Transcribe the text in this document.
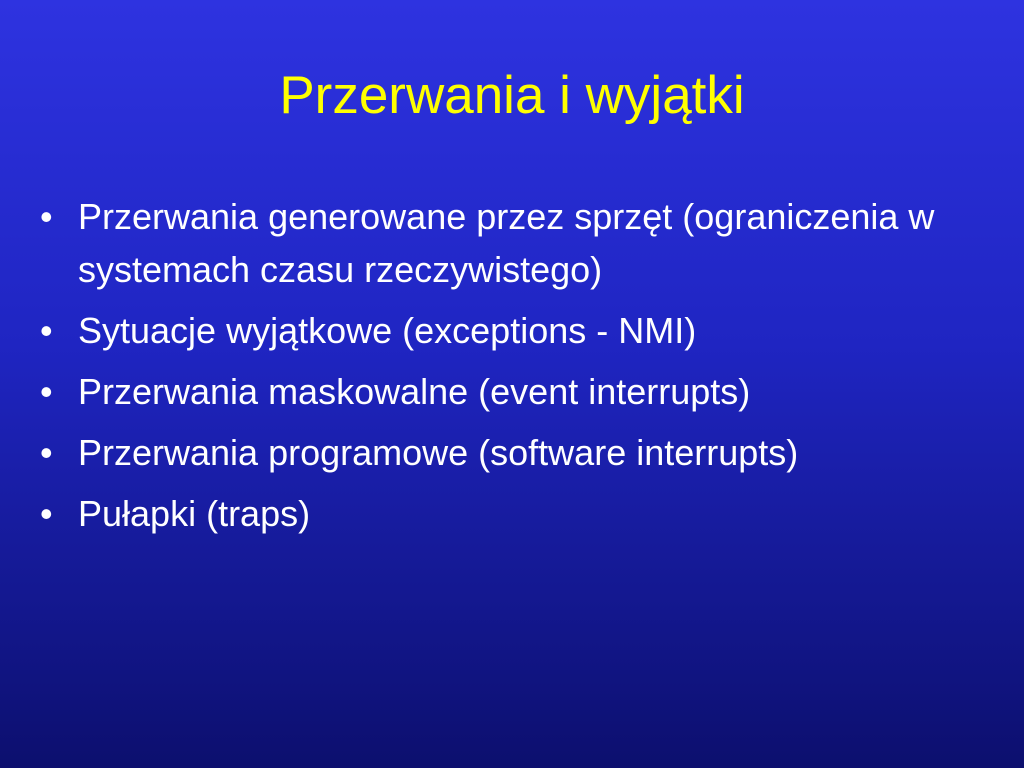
Przerwania i wyjątki
• Przerwania generowane przez sprzęt (ograniczenia w systemach czasu rzeczywistego)
• Sytuacje wyjątkowe (exceptions - NMI)
• Przerwania maskowalne (event interrupts)
• Przerwania programowe (software interrupts)
• Pułapki (traps)
